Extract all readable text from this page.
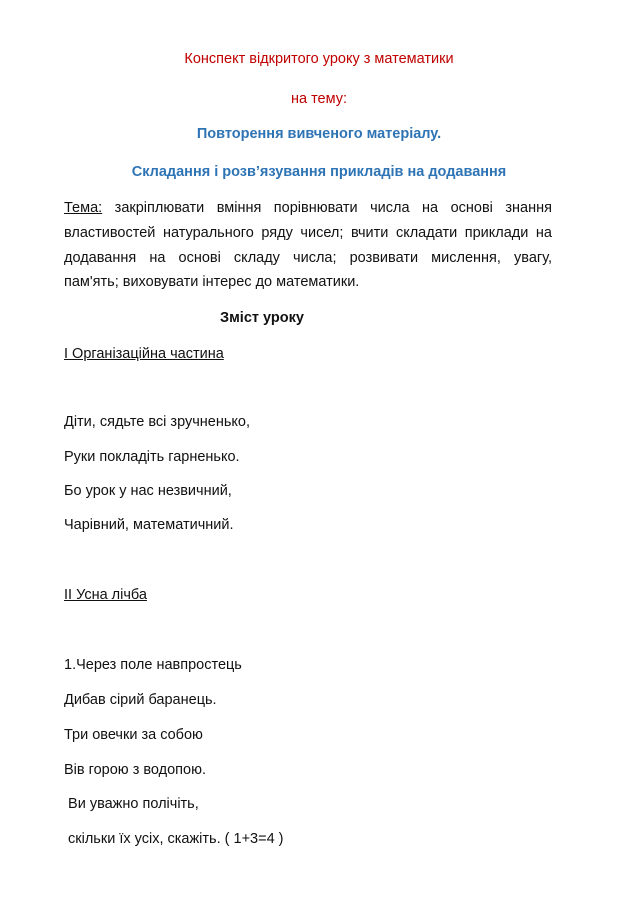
Конспект відкритого уроку з математики
на тему:
Повторення вивченого матеріалу.
Складання і розв’язування прикладів на додавання
Тема: закріплювати вміння порівнювати числа на основі знання
властивостей натурального ряду чисел; вчити складати приклади на
додавання на основі складу числа; розвивати мислення, увагу,
пам'ять; виховувати інтерес до математики.
Зміст уроку
І Організаційна частина
Діти, сядьте всі зручненько,
Руки покладіть гарненько.
Бо урок у нас незвичний,
Чарівний, математичний.
ІІ Усна лічба
1.Через поле навпростець
Дибав сірий баранець.
Три овечки за собою
Вів горою з водопою.
Ви уважно полічіть,
скільки їх усіх, скажіть. ( 1+3=4 )
